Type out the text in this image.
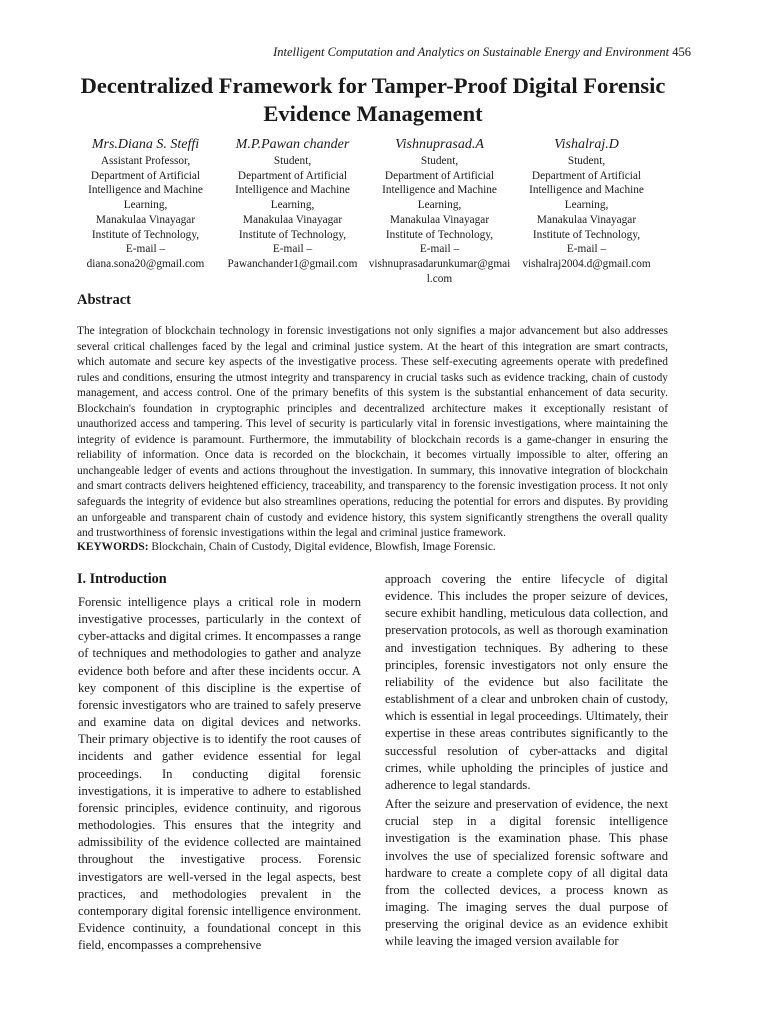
Intelligent Computation and Analytics on Sustainable Energy and Environment 456
Decentralized Framework for Tamper-Proof Digital Forensic Evidence Management
Mrs.Diana S. Steffi
Assistant Professor,
Department of Artificial
Intelligence and Machine
Learning,
Manakulaa Vinayagar
Institute of Technology,
E-mail –
diana.sona20@gmail.com
M.P.Pawan chander
Student,
Department of Artificial
Intelligence and Machine
Learning,
Manakulaa Vinayagar
Institute of Technology,
E-mail –
Pawanchander1@gmail.com
Vishnuprasad.A
Student,
Department of Artificial
Intelligence and Machine
Learning,
Manakulaa Vinayagar
Institute of Technology,
E-mail –
vishnuprasadarunkumar@gmail.com
Vishalraj.D
Student,
Department of Artificial
Intelligence and Machine
Learning,
Manakulaa Vinayagar
Institute of Technology,
E-mail –
vishalraj2004.d@gmail.com
Abstract

The integration of blockchain technology in forensic investigations not only signifies a major advancement but also addresses several critical challenges faced by the legal and criminal justice system. At the heart of this integration are smart contracts, which automate and secure key aspects of the investigative process. These self-executing agreements operate with predefined rules and conditions, ensuring the utmost integrity and transparency in crucial tasks such as evidence tracking, chain of custody management, and access control. One of the primary benefits of this system is the substantial enhancement of data security. Blockchain's foundation in cryptographic principles and decentralized architecture makes it exceptionally resistant of unauthorized access and tampering. This level of security is particularly vital in forensic investigations, where maintaining the integrity of evidence is paramount. Furthermore, the immutability of blockchain records is a game-changer in ensuring the reliability of information. Once data is recorded on the blockchain, it becomes virtually impossible to alter, offering an unchangeable ledger of events and actions throughout the investigation. In summary, this innovative integration of blockchain and smart contracts delivers heightened efficiency, traceability, and transparency to the forensic investigation process. It not only safeguards the integrity of evidence but also streamlines operations, reducing the potential for errors and disputes. By providing an unforgeable and transparent chain of custody and evidence history, this system significantly strengthens the overall quality and trustworthiness of forensic investigations within the legal and criminal justice framework.

KEYWORDS: Blockchain, Chain of Custody, Digital evidence, Blowfish, Image Forensic.

I. Introduction

Forensic intelligence plays a critical role in modern investigative processes, particularly in the context of cyber-attacks and digital crimes. It encompasses a range of techniques and methodologies to gather and analyze evidence both before and after these incidents occur. A key component of this discipline is the expertise of forensic investigators who are trained to safely preserve and examine data on digital devices and networks. Their primary objective is to identify the root causes of incidents and gather evidence essential for legal proceedings. In conducting digital forensic investigations, it is imperative to adhere to established forensic principles, evidence continuity, and rigorous methodologies. This ensures that the integrity and admissibility of the evidence collected are maintained throughout the investigative process. Forensic investigators are well-versed in the legal aspects, best practices, and methodologies prevalent in the contemporary digital forensic intelligence environment. Evidence continuity, a foundational concept in this field, encompasses a comprehensive

approach covering the entire lifecycle of digital evidence. This includes the proper seizure of devices, secure exhibit handling, meticulous data collection, and preservation protocols, as well as thorough examination and investigation techniques. By adhering to these principles, forensic investigators not only ensure the reliability of the evidence but also facilitate the establishment of a clear and unbroken chain of custody, which is essential in legal proceedings. Ultimately, their expertise in these areas contributes significantly to the successful resolution of cyber-attacks and digital crimes, while upholding the principles of justice and adherence to legal standards.

After the seizure and preservation of evidence, the next crucial step in a digital forensic intelligence investigation is the examination phase. This phase involves the use of specialized forensic software and hardware to create a complete copy of all digital data from the collected devices, a process known as imaging. The imaging serves the dual purpose of preserving the original device as an evidence exhibit while leaving the imaged version available for
